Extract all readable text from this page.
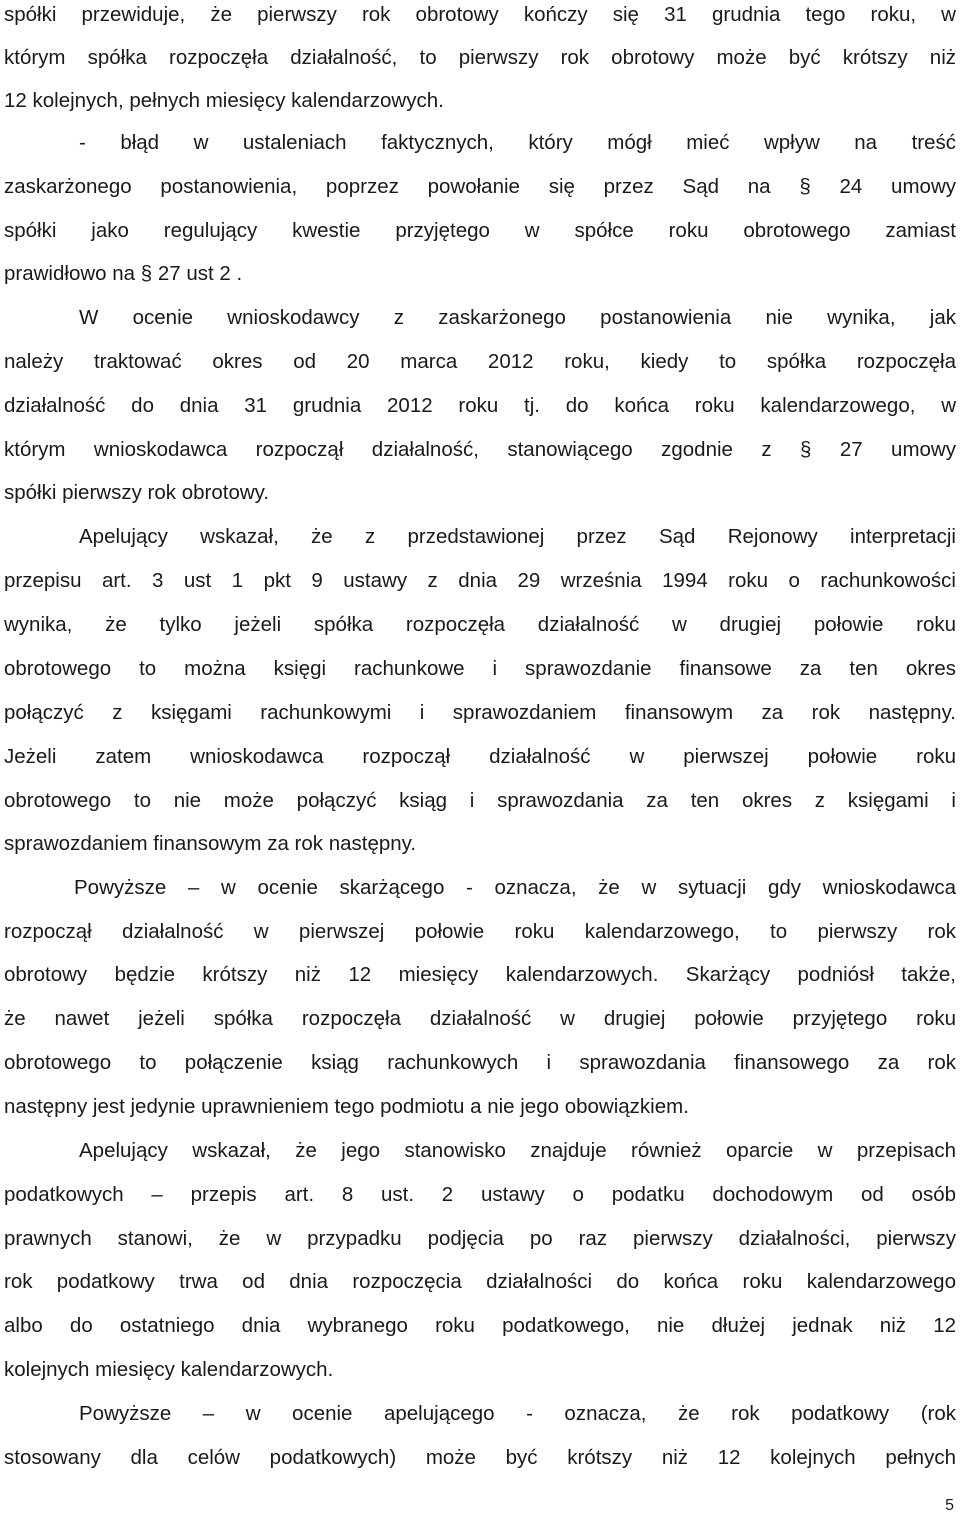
spółki przewiduje, że pierwszy rok obrotowy kończy się 31 grudnia tego roku, w
którym spółka rozpoczęła działalność, to pierwszy rok obrotowy może być krótszy niż
12 kolejnych, pełnych miesięcy kalendarzowych.
- błąd w ustaleniach faktycznych, który mógł mieć wpływ na treść
zaskarżonego postanowienia, poprzez powołanie się przez Sąd na § 24 umowy
spółki jako regulujący kwestie przyjętego w spółce roku obrotowego zamiast
prawidłowo na § 27 ust 2 .
W ocenie wnioskodawcy z zaskarżonego postanowienia nie wynika, jak
należy traktować okres od 20 marca 2012 roku, kiedy to spółka rozpoczęła
działalność do dnia 31 grudnia 2012 roku tj. do końca roku kalendarzowego, w
którym wnioskodawca rozpoczął działalność, stanowiącego zgodnie z § 27 umowy
spółki pierwszy rok obrotowy.
Apelujący wskazał, że z przedstawionej przez Sąd Rejonowy interpretacji
przepisu art. 3 ust 1 pkt 9 ustawy z dnia 29 września 1994 roku o rachunkowości
wynika, że tylko jeżeli spółka rozpoczęła działalność w drugiej połowie roku
obrotowego to można księgi rachunkowe i sprawozdanie finansowe za ten okres
połączyć z księgami rachunkowymi i sprawozdaniem finansowym za rok następny.
Jeżeli zatem wnioskodawca rozpoczął działalność w pierwszej połowie roku
obrotowego to nie może połączyć ksiąg i sprawozdania za ten okres z księgami i
sprawozdaniem finansowym za rok następny.
Powyższe – w ocenie skarżącego - oznacza, że w sytuacji gdy wnioskodawca
rozpoczął działalność w pierwszej połowie roku kalendarzowego, to pierwszy rok
obrotowy będzie krótszy niż 12 miesięcy kalendarzowych. Skarżący podniósł także,
że nawet jeżeli spółka rozpoczęła działalność w drugiej połowie przyjętego roku
obrotowego to połączenie ksiąg rachunkowych i sprawozdania finansowego za rok
następny jest jedynie uprawnieniem tego podmiotu a nie jego obowiązkiem.
Apelujący wskazał, że jego stanowisko znajduje również oparcie w przepisach
podatkowych – przepis art. 8 ust. 2 ustawy o podatku dochodowym od osób
prawnych stanowi, że w przypadku podjęcia po raz pierwszy działalności, pierwszy
rok podatkowy trwa od dnia rozpoczęcia działalności do końca roku kalendarzowego
albo do ostatniego dnia wybranego roku podatkowego, nie dłużej jednak niż 12
kolejnych miesięcy kalendarzowych.
Powyższe – w ocenie apelującego - oznacza, że rok podatkowy (rok
stosowany dla celów podatkowych) może być krótszy niż 12 kolejnych pełnych
5
